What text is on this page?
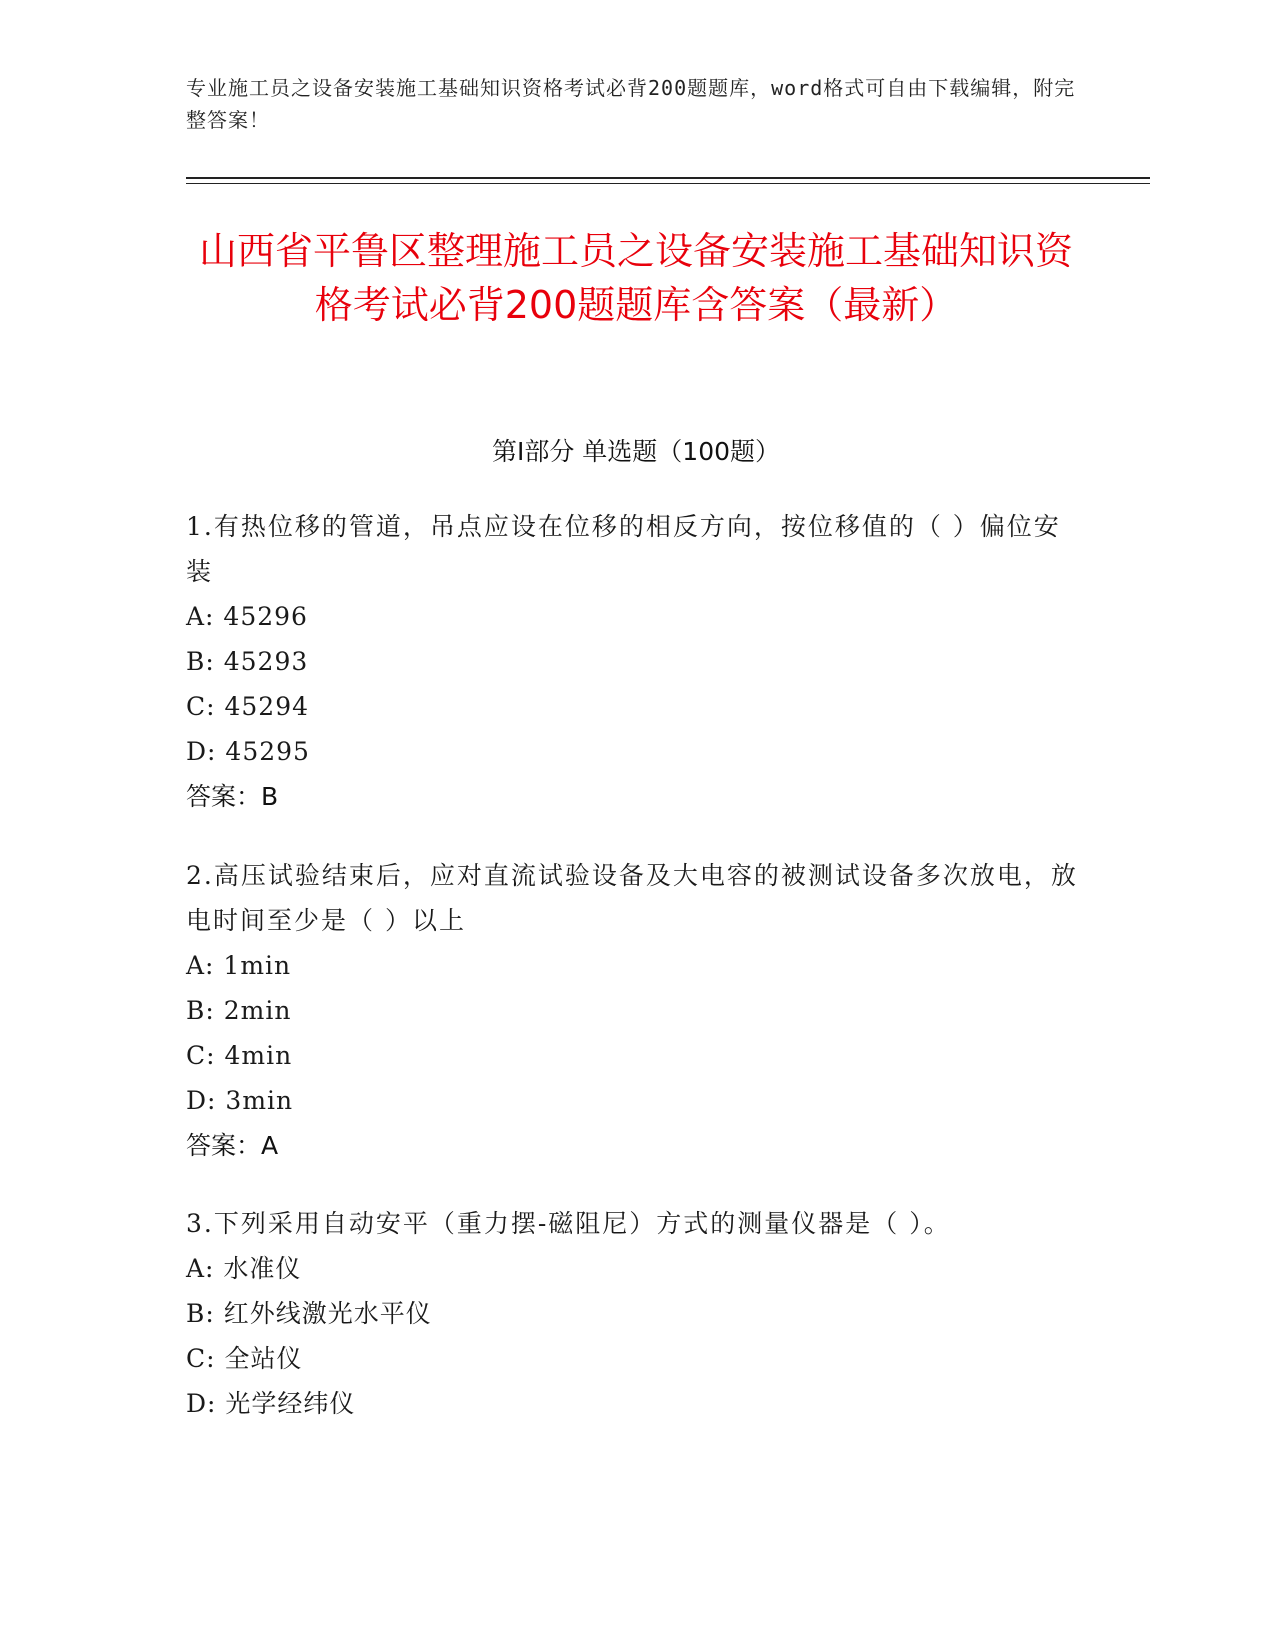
专业施工员之设备安装施工基础知识资格考试必背200题题库，word格式可自由下载编辑，附完整答案！
山西省平鲁区整理施工员之设备安装施工基础知识资格考试必背200题题库含答案（最新）
第I部分 单选题（100题）
1.有热位移的管道，吊点应设在位移的相反方向，按位移值的（ ）偏位安装
A: 45296
B: 45293
C: 45294
D: 45295
答案：B
2.高压试验结束后，应对直流试验设备及大电容的被测试设备多次放电，放电时间至少是（ ）以上
A: 1min
B: 2min
C: 4min
D: 3min
答案：A
3.下列采用自动安平（重力摆-磁阻尼）方式的测量仪器是（ ）。
A: 水准仪
B: 红外线激光水平仪
C: 全站仪
D: 光学经纬仪
